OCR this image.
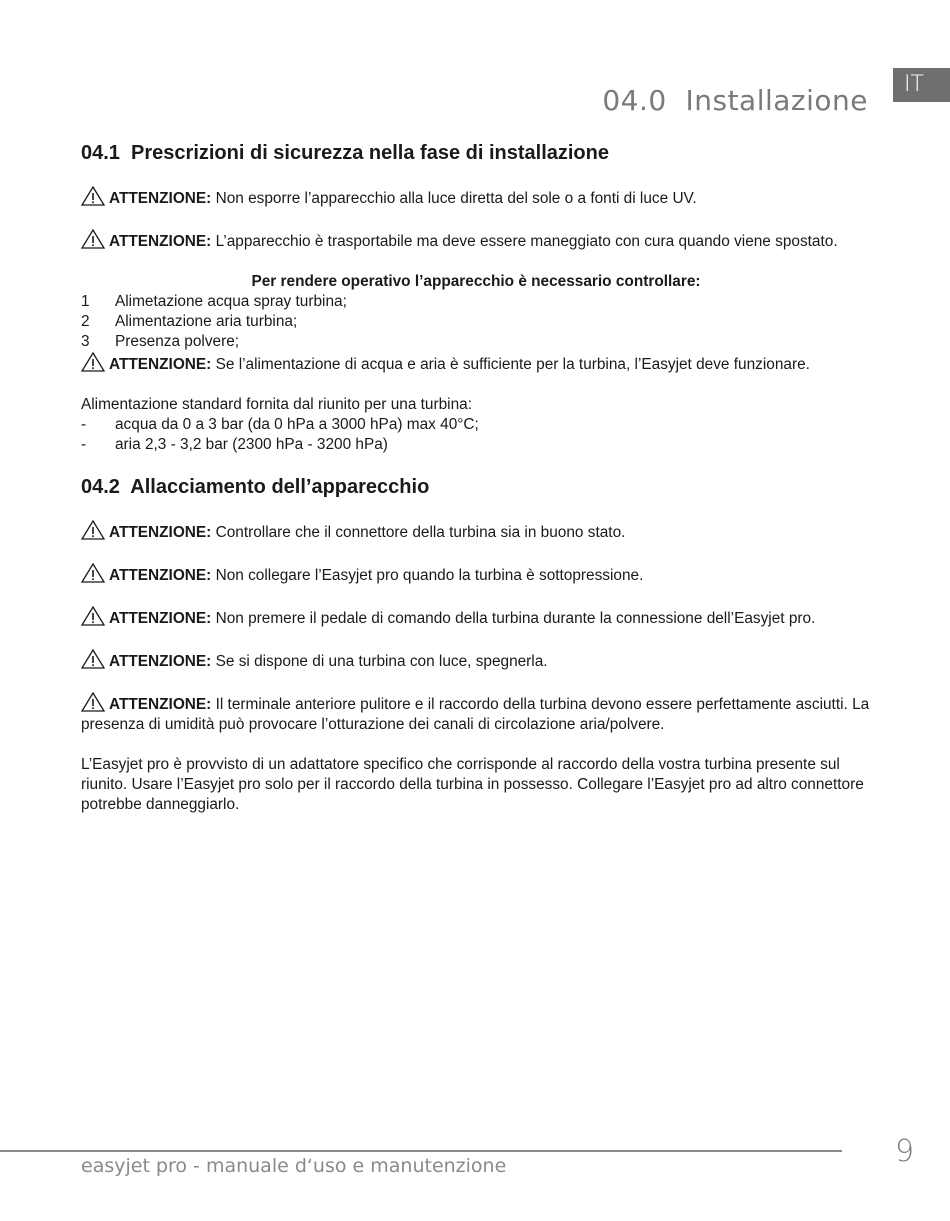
IT
04.0  Installazione
04.1  Prescrizioni di sicurezza nella fase di installazione

ATTENZIONE: Non esporre l’apparecchio alla luce diretta del sole o a fonti di luce UV.

ATTENZIONE: L’apparecchio è trasportabile ma deve essere maneggiato con cura quando viene spostato.

Per rendere operativo l’apparecchio è necessario controllare:

1	Alimetazione acqua spray turbina;
2	Alimentazione aria turbina;
3	Presenza polvere;

ATTENZIONE: Se l’alimentazione di acqua e aria è sufficiente per la turbina, l’Easyjet deve funzionare.

Alimentazione standard fornita dal riunito per una turbina:

-	acqua da 0 a 3 bar (da 0 hPa a 3000 hPa) max 40°C;
-	aria 2,3 - 3,2 bar (2300 hPa - 3200 hPa)
04.2  Allacciamento dell’apparecchio

ATTENZIONE: Controllare che il connettore della turbina sia in buono stato.

ATTENZIONE: Non collegare l’Easyjet pro quando la turbina è sottopressione.

ATTENZIONE: Non premere il pedale di comando della turbina durante la connessione dell’Easyjet pro.

ATTENZIONE: Se si dispone di una turbina con luce, spegnerla.

ATTENZIONE: Il terminale anteriore pulitore e il raccordo della turbina devono essere perfettamente asciutti. La presenza di umidità può provocare l’otturazione dei canali di circolazione aria/polvere.

L’Easyjet pro è provvisto di un adattatore specifico che corrisponde al raccordo della vostra turbina presente sul riunito. Usare l’Easyjet pro solo per il raccordo della turbina in possesso. Collegare l’Easyjet pro ad altro connettore potrebbe danneggiarlo.

easyjet pro - manuale d‘uso e manutenzione	9
